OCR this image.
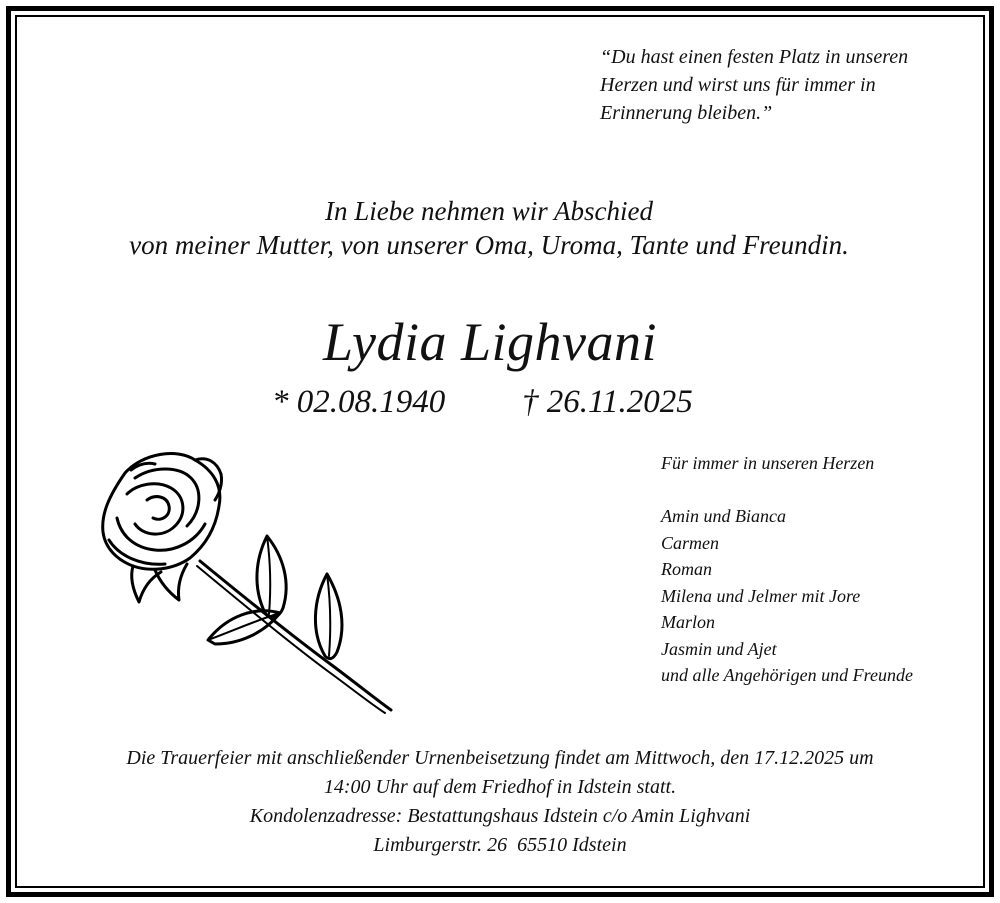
“Du hast einen festen Platz in unseren
Herzen und wirst uns für immer in
Erinnerung bleiben.”
In Liebe nehmen wir Abschied
von meiner Mutter, von unserer Oma, Uroma, Tante und Freundin.
Lydia Lighvani
* 02.08.1940 † 26.11.2025
Für immer in unseren Herzen
Amin und Bianca
Carmen
Roman
Milena und Jelmer mit Jore
Marlon
Jasmin und Ajet
und alle Angehörigen und Freunde
Die Trauerfeier mit anschließender Urnenbeisetzung findet am Mittwoch, den 17.12.2025 um
14:00 Uhr auf dem Friedhof in Idstein statt.
Kondolenzadresse: Bestattungshaus Idstein c/o Amin Lighvani
Limburgerstr. 26  65510 Idstein
